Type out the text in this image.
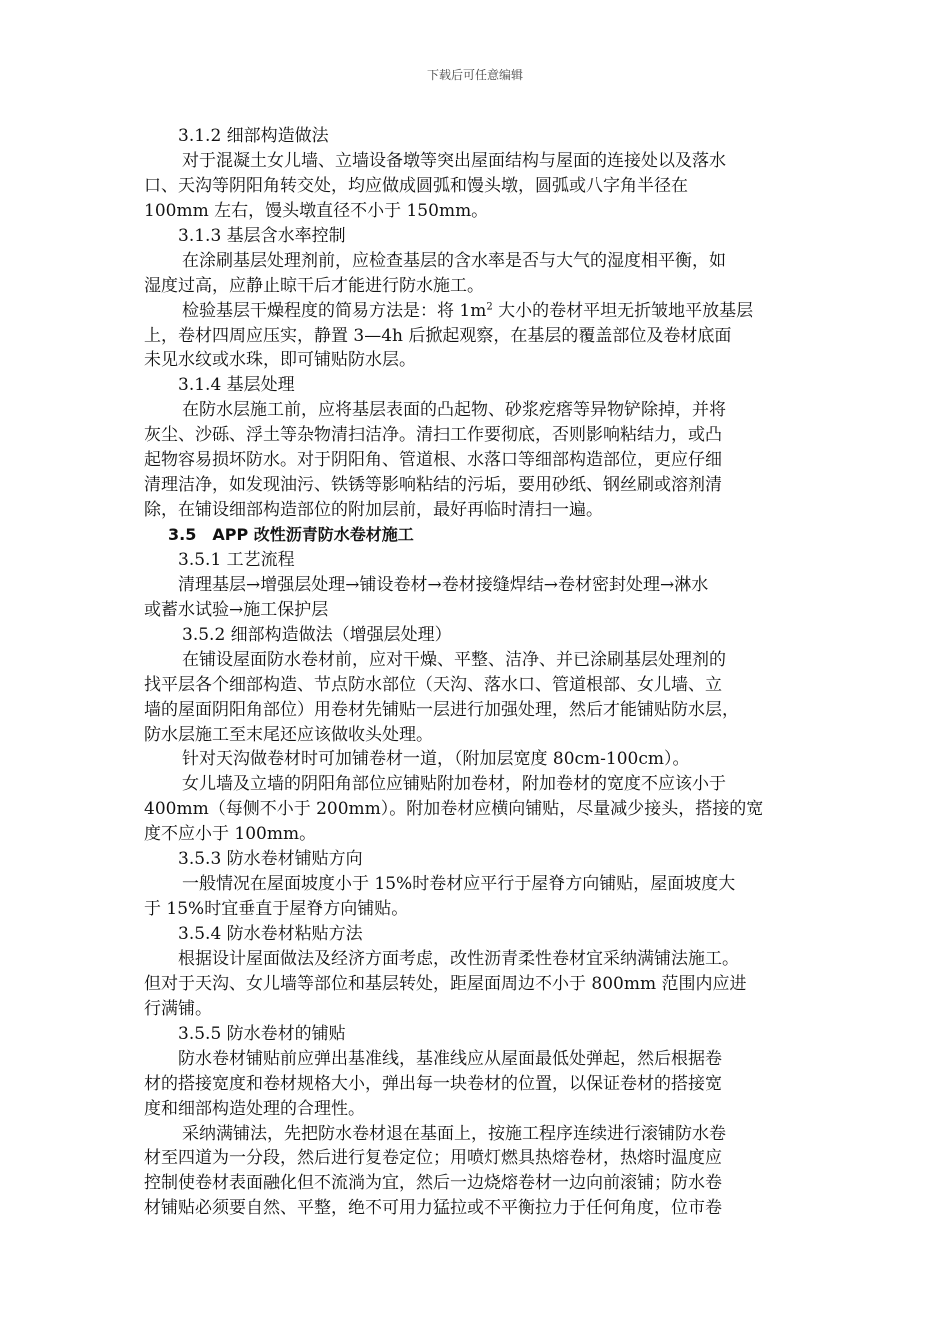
下载后可任意编辑
3.1.2 细部构造做法
对于混凝土女儿墙、立墙设备墩等突出屋面结构与屋面的连接处以及落水
口、天沟等阴阳角转交处，均应做成圆弧和馒头墩，圆弧或八字角半径在
100mm 左右，馒头墩直径不小于 150mm。
3.1.3 基层含水率控制
在涂刷基层处理剂前，应检查基层的含水率是否与大气的湿度相平衡，如
湿度过高，应静止晾干后才能进行防水施工。
检验基层干燥程度的简易方法是：将 $1m^2$ 大小的卷材平坦无折皱地平放基层
上，卷材四周应压实，静置 3—4h 后掀起观察，在基层的覆盖部位及卷材底面
未见水纹或水珠，即可铺贴防水层。
3.1.4 基层处理
在防水层施工前，应将基层表面的凸起物、砂浆疙瘩等异物铲除掉，并将
灰尘、沙砾、浮土等杂物清扫洁净。清扫工作要彻底，否则影响粘结力，或凸
起物容易损坏防水。对于阴阳角、管道根、水落口等细部构造部位，更应仔细
清理洁净，如发现油污、铁锈等影响粘结的污垢，要用砂纸、钢丝刷或溶剂清
除，在铺设细部构造部位的附加层前，最好再临时清扫一遍。
3.5　APP 改性沥青防水卷材施工
3.5.1 工艺流程
清理基层→增强层处理→铺设卷材→卷材接缝焊结→卷材密封处理→淋水
或蓄水试验→施工保护层
3.5.2 细部构造做法（增强层处理）
在铺设屋面防水卷材前，应对干燥、平整、洁净、并已涂刷基层处理剂的
找平层各个细部构造、节点防水部位（天沟、落水口、管道根部、女儿墙、立
墙的屋面阴阳角部位）用卷材先铺贴一层进行加强处理，然后才能铺贴防水层，
防水层施工至末尾还应该做收头处理。
针对天沟做卷材时可加铺卷材一道，（附加层宽度 80cm-100cm）。
女儿墙及立墙的阴阳角部位应铺贴附加卷材，附加卷材的宽度不应该小于
400mm（每侧不小于 200mm）。附加卷材应横向铺贴，尽量减少接头，搭接的宽
度不应小于 100mm。
3.5.3 防水卷材铺贴方向
一般情况在屋面坡度小于 15%时卷材应平行于屋脊方向铺贴，屋面坡度大
于 15%时宜垂直于屋脊方向铺贴。
3.5.4 防水卷材粘贴方法
根据设计屋面做法及经济方面考虑，改性沥青柔性卷材宜采纳满铺法施工。
但对于天沟、女儿墙等部位和基层转处，距屋面周边不小于 800mm 范围内应进
行满铺。
3.5.5 防水卷材的铺贴
防水卷材铺贴前应弹出基准线，基准线应从屋面最低处弹起，然后根据卷
材的搭接宽度和卷材规格大小，弹出每一块卷材的位置，以保证卷材的搭接宽
度和细部构造处理的合理性。
采纳满铺法，先把防水卷材退在基面上，按施工程序连续进行滚铺防水卷
材至四道为一分段，然后进行复卷定位；用喷灯燃具热熔卷材，热熔时温度应
控制使卷材表面融化但不流淌为宜，然后一边烧熔卷材一边向前滚铺；防水卷
材铺贴必须要自然、平整，绝不可用力猛拉或不平衡拉力于任何角度，位市卷
